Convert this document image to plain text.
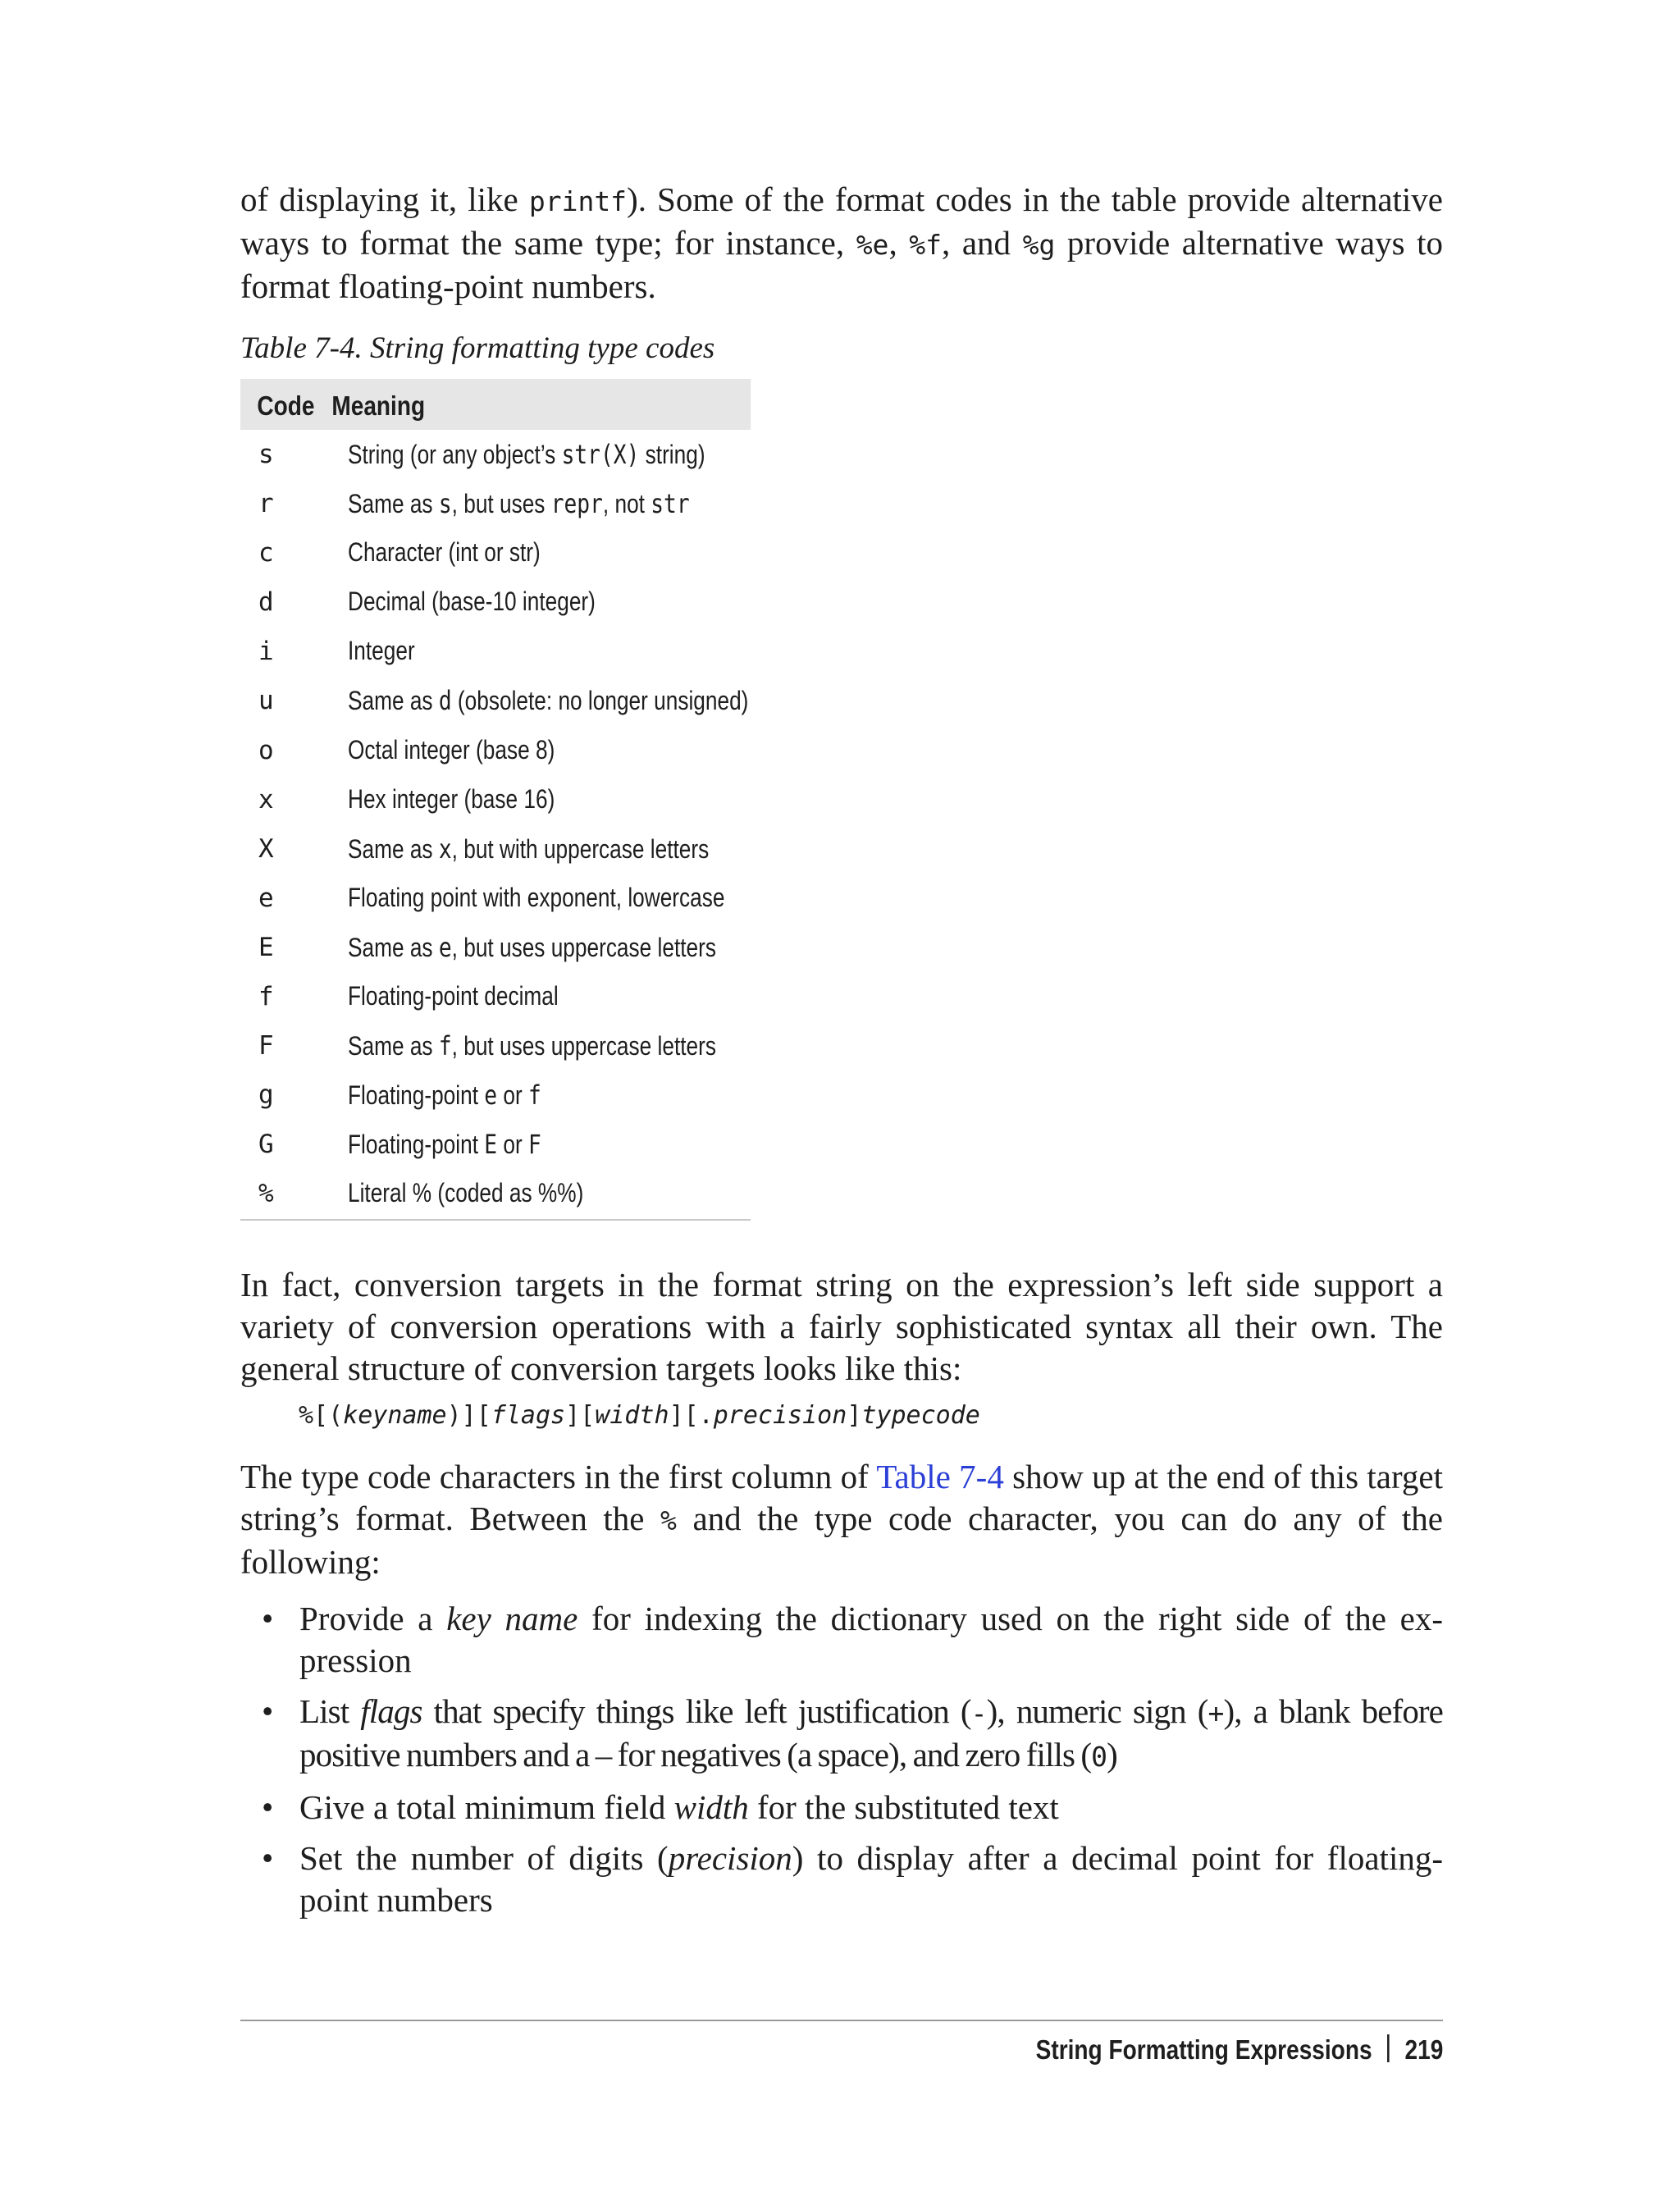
of displaying it, like printf). Some of the format codes in the table provide alternative ways to format the same type; for instance, %e, %f, and %g provide alternative ways to format floating-point numbers.

Table 7-4. String formatting type codes

Code Meaning
s	String (or any object’s str(X) string)
r	Same as s, but uses repr, not str
c	Character (int or str)
d	Decimal (base-10 integer)
i	Integer
u	Same as d (obsolete: no longer unsigned)
o	Octal integer (base 8)
x	Hex integer (base 16)
X	Same as x, but with uppercase letters
e	Floating point with exponent, lowercase
E	Same as e, but uses uppercase letters
f	Floating-point decimal
F	Same as f, but uses uppercase letters
g	Floating-point e or f
G	Floating-point E or F
%	Literal % (coded as %%)

In fact, conversion targets in the format string on the expression’s left side support a variety of conversion operations with a fairly sophisticated syntax all their own. The general structure of conversion targets looks like this:

%[(keyname)][flags][width][.precision]typecode

The type code characters in the first column of Table 7-4 show up at the end of this target string’s format. Between the % and the type code character, you can do any of the following:

• Provide a key name for indexing the dictionary used on the right side of the ex- pression
• List flags that specify things like left justification (-), numeric sign (+), a blank before positive numbers and a – for negatives (a space), and zero fills (0)
• Give a total minimum field width for the substituted text
• Set the number of digits (precision) to display after a decimal point for floating- point numbers
String Formatting Expressions 219
